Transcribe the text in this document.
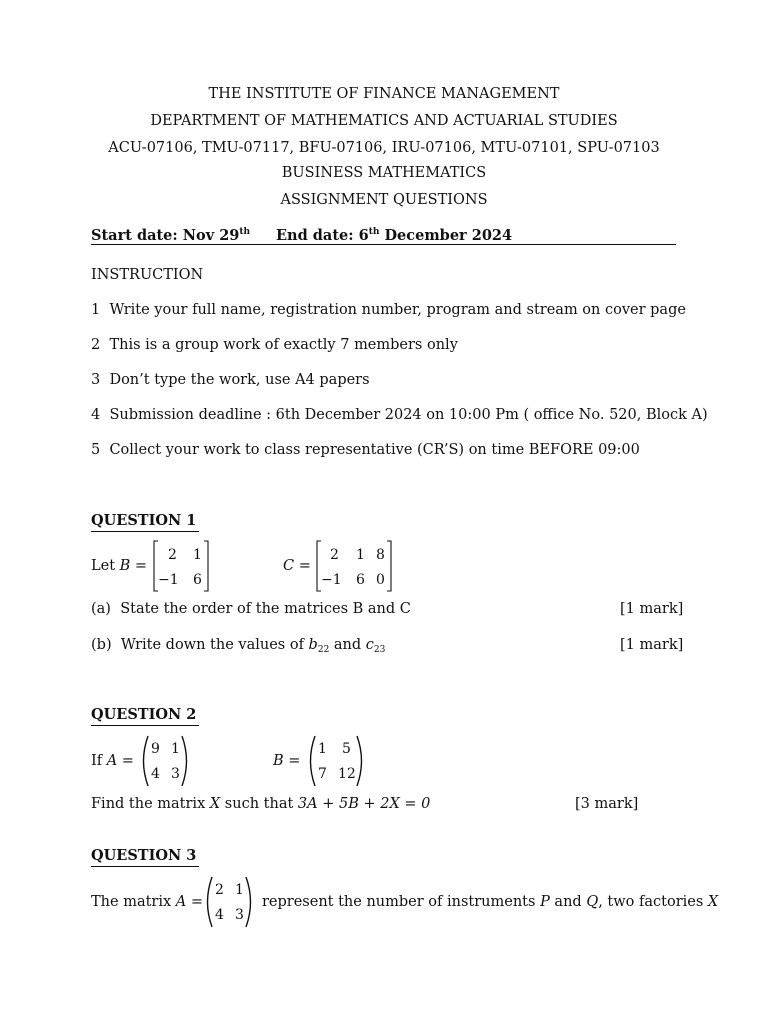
THE INSTITUTE OF FINANCE MANAGEMENT
DEPARTMENT OF MATHEMATICS AND ACTUARIAL STUDIES
ACU-07106, TMU-07117, BFU-07106, IRU-07106, MTU-07101, SPU-07103
BUSINESS MATHEMATICS
ASSIGNMENT QUESTIONS
Start date: Nov 29th End date: 6th December 2024
INSTRUCTION
1 Write your full name, registration number, program and stream on cover page
2 This is a group work of exactly 7 members only
3 Don’t type the work, use A4 papers
4 Submission deadline : 6th December 2024 on 10:00 Pm ( office No. 520, Block A)
5 Collect your work to class representative (CR’S) on time BEFORE 09:00
QUESTION 1
Let B =
2 1
−1 6
C =
2 1 8
−1 6 0
(a) State the order of the matrices B and C	[1 mark]
(b) Write down the values of $b_{22}$ and $c_{23}$	[1 mark]
QUESTION 2
If A =
9 1
4 3
B =
1 5
7 12
Find the matrix X such that 3A + 5B + 2X = 0	[3 mark]
QUESTION 3
The matrix A =
2 1
4 3
represent the number of instruments P and Q, two factories X
